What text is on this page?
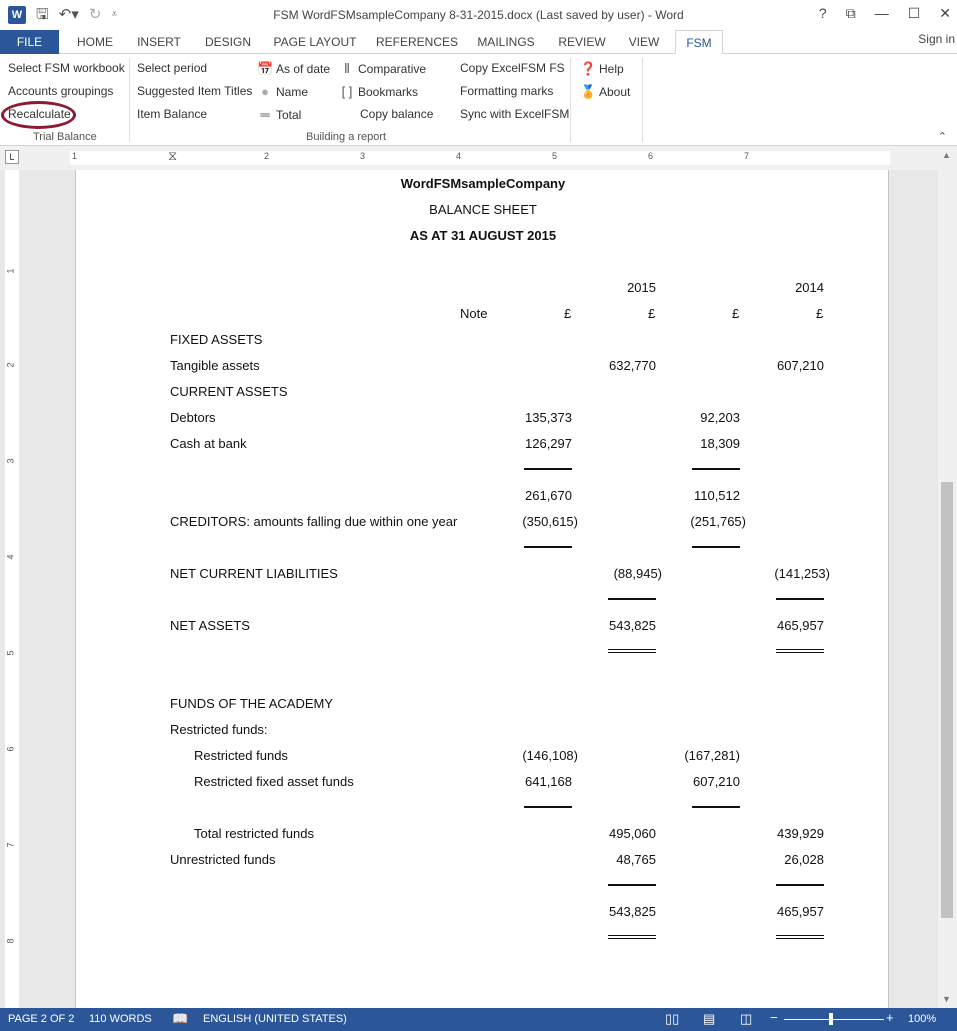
W 🖫 ↶▾ ↻ ⩡	FSM WordFSMsampleCompany 8-31-2015.docx (Last saved by user) - Word	? ⧉ — ☐ ✕
FILE	HOME	INSERT	DESIGN	PAGE LAYOUT REFERENCES	MAILINGS	REVIEW	VIEW	FSM	Sign in
Select FSM workbook
Accounts groupings
Recalculate
Trial Balance
Select period
Suggested Item Titles
Item Balance
📅 As of date
● Name
═ Total
⦀ Comparative
[ ] Bookmarks
Copy balance
Copy ExcelFSM FS
Formatting marks
Sync with ExcelFSM
Building a report
❓ Help
🏅 About
⌃
L	1	⧖	2	3	4	5	6	7
1
2
3
4
5
6
7
8
WordFSMsampleCompany
BALANCE SHEET
AS AT 31 AUGUST 2015
2015	2014
Note	£	£	£	£
FIXED ASSETS
Tangible assets	632,770	607,210
CURRENT ASSETS
Debtors	135,373	92,203
Cash at bank	126,297	18,309
261,670	110,512
CREDITORS: amounts falling due within one year	(350,615)	(251,765)
NET CURRENT LIABILITIES	(88,945)	(141,253)
NET ASSETS	543,825	465,957
FUNDS OF THE ACADEMY
Restricted funds:
Restricted funds	(146,108)	(167,281)
Restricted fixed asset funds	641,168	607,210
Total restricted funds	495,060	439,929
Unrestricted funds	48,765	26,028
543,825	465,957
▲
▼
PAGE 2 OF 2 110 WORDS 📖 ENGLISH (UNITED STATES)	▯▯ ▤ ◫ −	+ 100%
